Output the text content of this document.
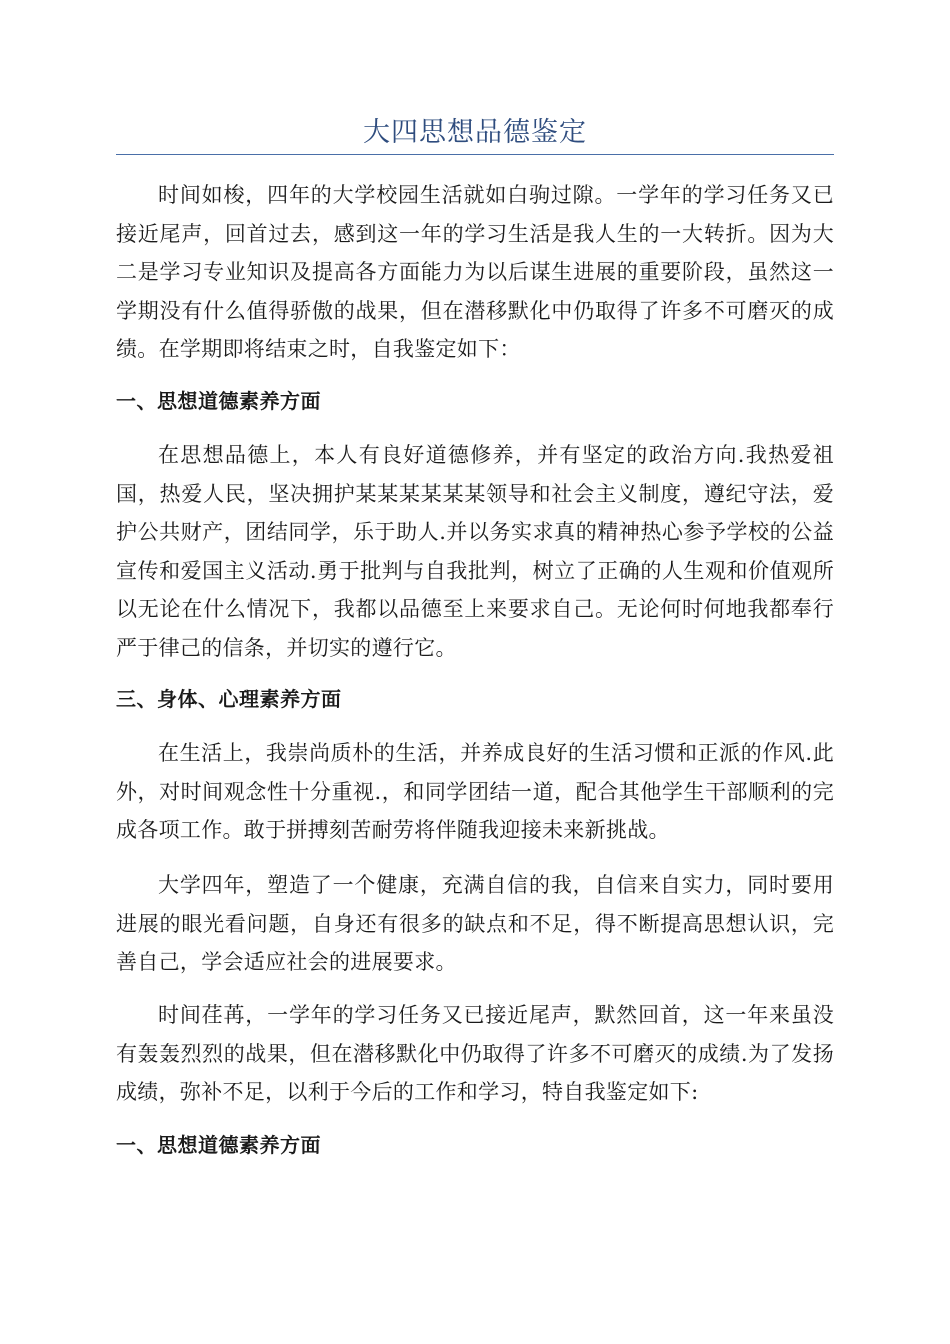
大四思想品德鉴定

时间如梭，四年的大学校园生活就如白驹过隙。一学年的学习任务又已接近尾声，回首过去，感到这一年的学习生活是我人生的一大转折。因为大二是学习专业知识及提高各方面能力为以后谋生进展的重要阶段，虽然这一学期没有什么值得骄傲的战果，但在潜移默化中仍取得了许多不可磨灭的成绩。在学期即将结束之时，自我鉴定如下：

一、思想道德素养方面

在思想品德上，本人有良好道德修养，并有坚定的政治方向.我热爱祖国，热爱人民，坚决拥护某某某某某某领导和社会主义制度，遵纪守法，爱护公共财产，团结同学，乐于助人.并以务实求真的精神热心参予学校的公益宣传和爱国主义活动.勇于批判与自我批判，树立了正确的人生观和价值观所以无论在什么情况下，我都以品德至上来要求自己。无论何时何地我都奉行严于律己的信条，并切实的遵行它。

三、身体、心理素养方面

在生活上，我崇尚质朴的生活，并养成良好的生活习惯和正派的作风.此外，对时间观念性十分重视.，和同学团结一道，配合其他学生干部顺利的完成各项工作。敢于拼搏刻苦耐劳将伴随我迎接未来新挑战。

大学四年，塑造了一个健康，充满自信的我，自信来自实力，同时要用进展的眼光看问题，自身还有很多的缺点和不足，得不断提高思想认识，完善自己，学会适应社会的进展要求。

时间荏苒，一学年的学习任务又已接近尾声，默然回首，这一年来虽没有轰轰烈烈的战果，但在潜移默化中仍取得了许多不可磨灭的成绩.为了发扬成绩，弥补不足，以利于今后的工作和学习，特自我鉴定如下:

一、思想道德素养方面
